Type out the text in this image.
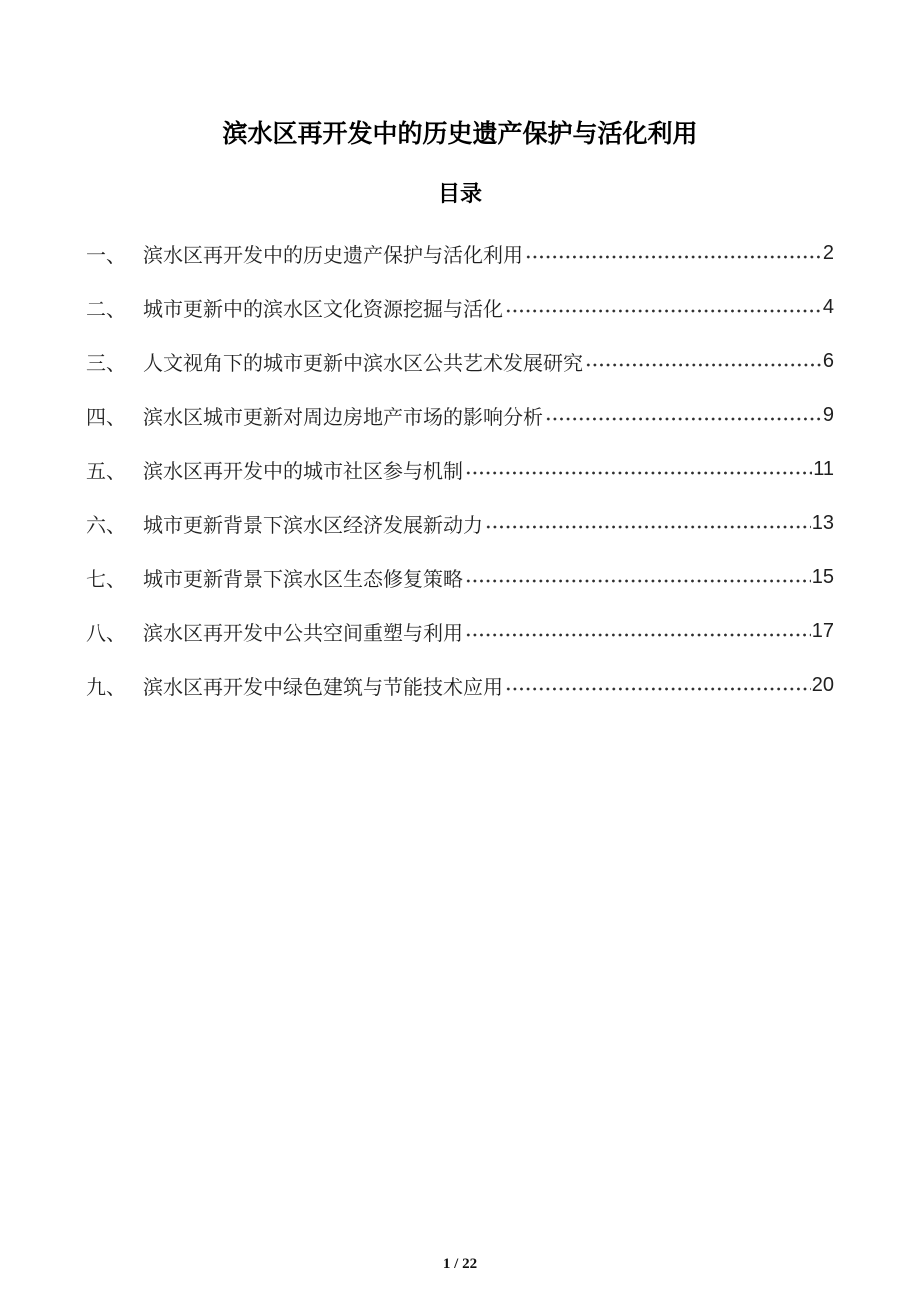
滨水区再开发中的历史遗产保护与活化利用
目录
一、 滨水区再开发中的历史遗产保护与活化利用	2
二、 城市更新中的滨水区文化资源挖掘与活化	4
三、 人文视角下的城市更新中滨水区公共艺术发展研究	6
四、 滨水区城市更新对周边房地产市场的影响分析	9
五、 滨水区再开发中的城市社区参与机制	11
六、 城市更新背景下滨水区经济发展新动力	13
七、 城市更新背景下滨水区生态修复策略	15
八、 滨水区再开发中公共空间重塑与利用	17
九、 滨水区再开发中绿色建筑与节能技术应用	20
1 / 22
